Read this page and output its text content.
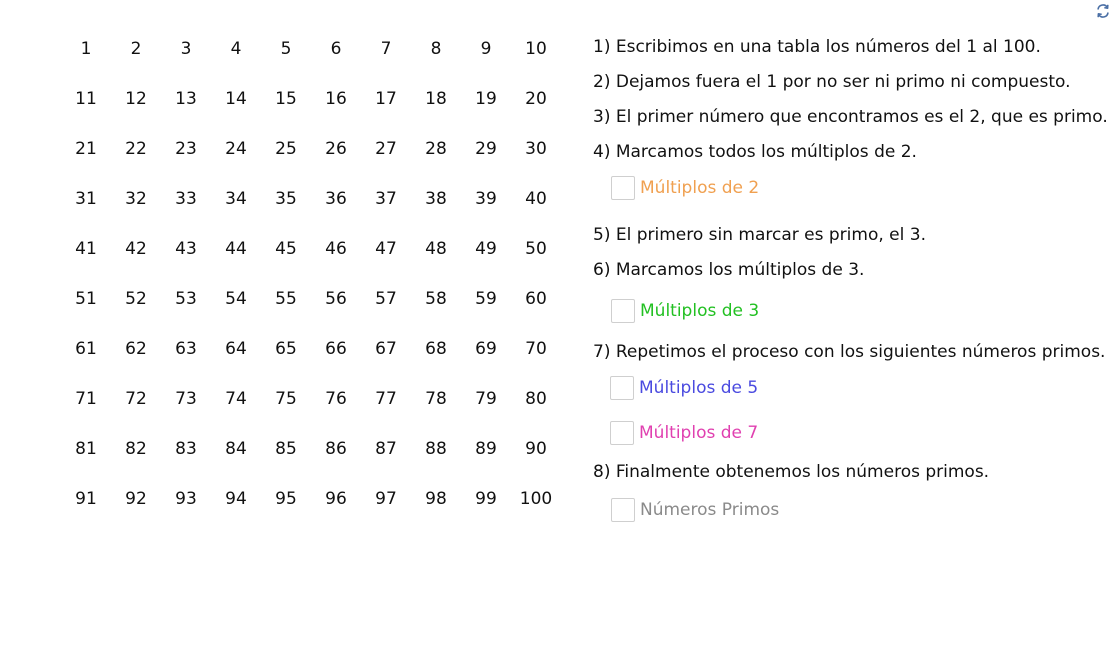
1	2	3	4	5	6	7	8	9	10
11	12	13	14	15	16	17	18	19	20
21	22	23	24	25	26	27	28	29	30
31	32	33	34	35	36	37	38	39	40
41	42	43	44	45	46	47	48	49	50
51	52	53	54	55	56	57	58	59	60
61	62	63	64	65	66	67	68	69	70
71	72	73	74	75	76	77	78	79	80
81	82	83	84	85	86	87	88	89	90
91	92	93	94	95	96	97	98	99	100
1) Escribimos en una tabla los números del 1 al 100.
2) Dejamos fuera el 1 por no ser ni primo ni compuesto.
3) El primer número que encontramos es el 2, que es primo.
4) Marcamos todos los múltiplos de 2.
Múltiplos de 2
5) El primero sin marcar es primo, el 3.
6) Marcamos los múltiplos de 3.
Múltiplos de 3
7) Repetimos el proceso con los siguientes números primos.
Múltiplos de 5
Múltiplos de 7
8) Finalmente obtenemos los números primos.
Números Primos
